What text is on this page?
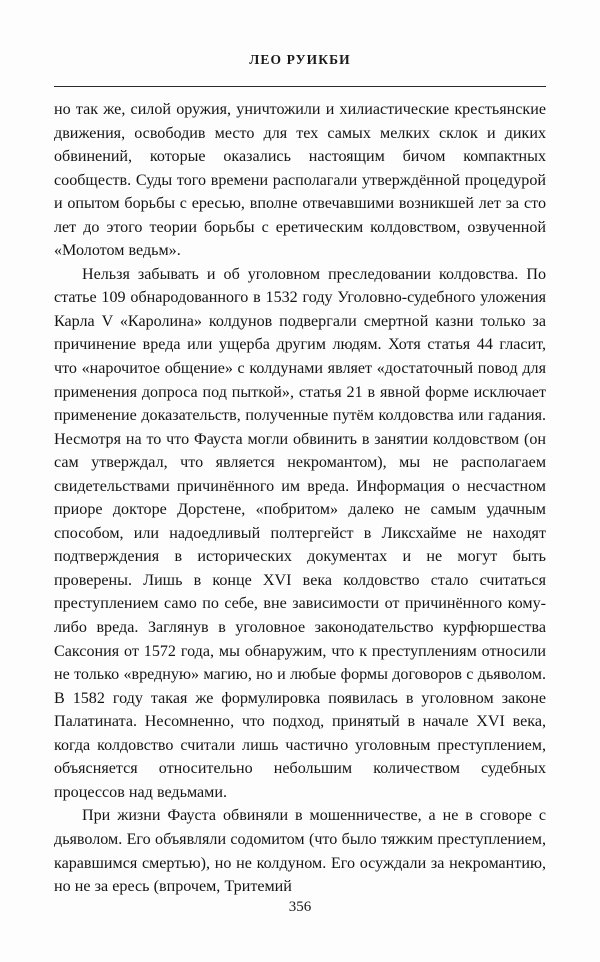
ЛЕО РУИКБИ

но так же, силой оружия, уничтожили и хилиастические крестьянские движения, освободив место для тех самых мелких склок и диких обвинений, которые оказались настоящим бичом компактных сообществ. Суды того времени располагали утверждённой процедурой и опытом борьбы с ересью, вполне отвечавшими возникшей лет за сто лет до этого теории борьбы с еретическим колдовством, озвученной «Молотом ведьм».

Нельзя забывать и об уголовном преследовании колдовства. По статье 109 обнародованного в 1532 году Уголовно-судебного уложения Карла V «Каролина» колдунов подвергали смертной казни только за причинение вреда или ущерба другим людям. Хотя статья 44 гласит, что «нарочитое общение» с колдунами являет «достаточный повод для применения допроса под пыткой», статья 21 в явной форме исключает применение доказательств, полученные путём колдовства или гадания. Несмотря на то что Фауста могли обвинить в занятии колдовством (он сам утверждал, что является некромантом), мы не располагаем свидетельствами причинённого им вреда. Информация о несчастном приоре докторе Дорстене, «побритом» далеко не самым удачным способом, или надоедливый полтергейст в Ликсхайме не находят подтверждения в исторических документах и не могут быть проверены. Лишь в конце XVI века колдовство стало считаться преступлением само по себе, вне зависимости от причинённого кому-либо вреда. Заглянув в уголовное законодательство курфюршества Саксония от 1572 года, мы обнаружим, что к преступлениям относили не только «вредную» магию, но и любые формы договоров с дьяволом. В 1582 году такая же формулировка появилась в уголовном законе Палатината. Несомненно, что подход, принятый в начале XVI века, когда колдовство считали лишь частично уголовным преступлением, объясняется относительно небольшим количеством судебных процессов над ведьмами.

При жизни Фауста обвиняли в мошенничестве, а не в сговоре с дьяволом. Его объявляли содомитом (что было тяжким преступлением, каравшимся смертью), но не колдуном. Его осуждали за некромантию, но не за ересь (впрочем, Тритемий

356
